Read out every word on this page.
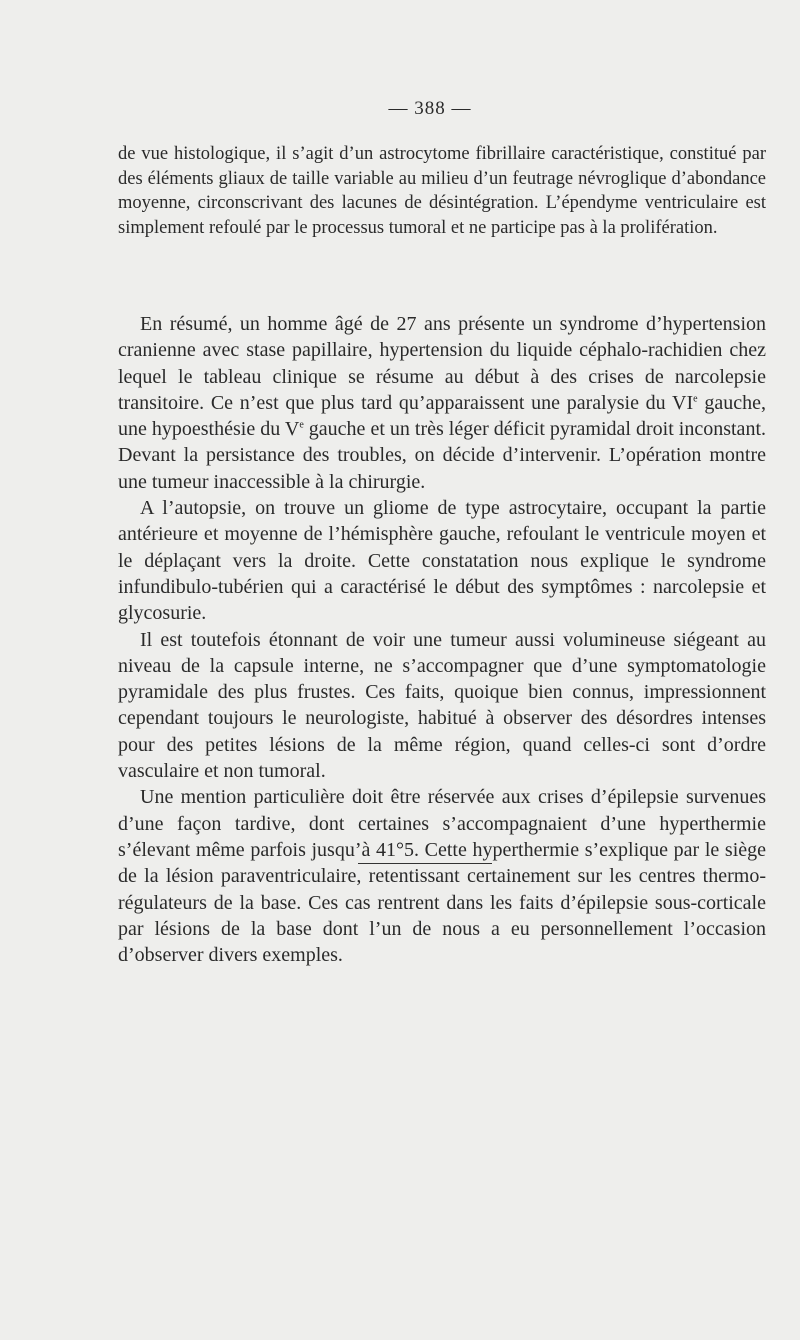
— 388 —

de vue histologique, il s’agit d’un astrocytome fibrillaire caractéristique, constitué par des éléments gliaux de taille variable au milieu d’un feutrage névroglique d’abondance moyenne, circonscrivant des lacunes de désintégration. L’épendyme ventriculaire est simplement refoulé par le processus tumoral et ne participe pas à la prolifération.

En résumé, un homme âgé de 27 ans présente un syndrome d’hypertension cranienne avec stase papillaire, hypertension du liquide céphalo-rachidien chez lequel le tableau clinique se résume au début à des crises de narcolepsie transitoire. Ce n’est que plus tard qu’apparaissent une paralysie du VIe gauche, une hypoesthésie du Ve gauche et un très léger déficit pyramidal droit inconstant. Devant la persistance des troubles, on décide d’intervenir. L’opération montre une tumeur inaccessible à la chirurgie.

A l’autopsie, on trouve un gliome de type astrocytaire, occupant la partie antérieure et moyenne de l’hémisphère gauche, refoulant le ventricule moyen et le déplaçant vers la droite. Cette constatation nous explique le syndrome infundibulo-tubérien qui a caractérisé le début des symptômes : narcolepsie et glycosurie.

Il est toutefois étonnant de voir une tumeur aussi volumineuse siégeant au niveau de la capsule interne, ne s’accompagner que d’une symptomatologie pyramidale des plus frustes. Ces faits, quoique bien connus, impressionnent cependant toujours le neurologiste, habitué à observer des désordres intenses pour des petites lésions de la même région, quand celles-ci sont d’ordre vasculaire et non tumoral.

Une mention particulière doit être réservée aux crises d’épilepsie survenues d’une façon tardive, dont certaines s’accompagnaient d’une hyperthermie s’élevant même parfois jusqu’à 41°5. Cette hyperthermie s’explique par le siège de la lésion paraventriculaire, retentissant certainement sur les centres thermo-régulateurs de la base. Ces cas rentrent dans les faits d’épilepsie sous-corticale par lésions de la base dont l’un de nous a eu personnellement l’occasion d’observer divers exemples.
